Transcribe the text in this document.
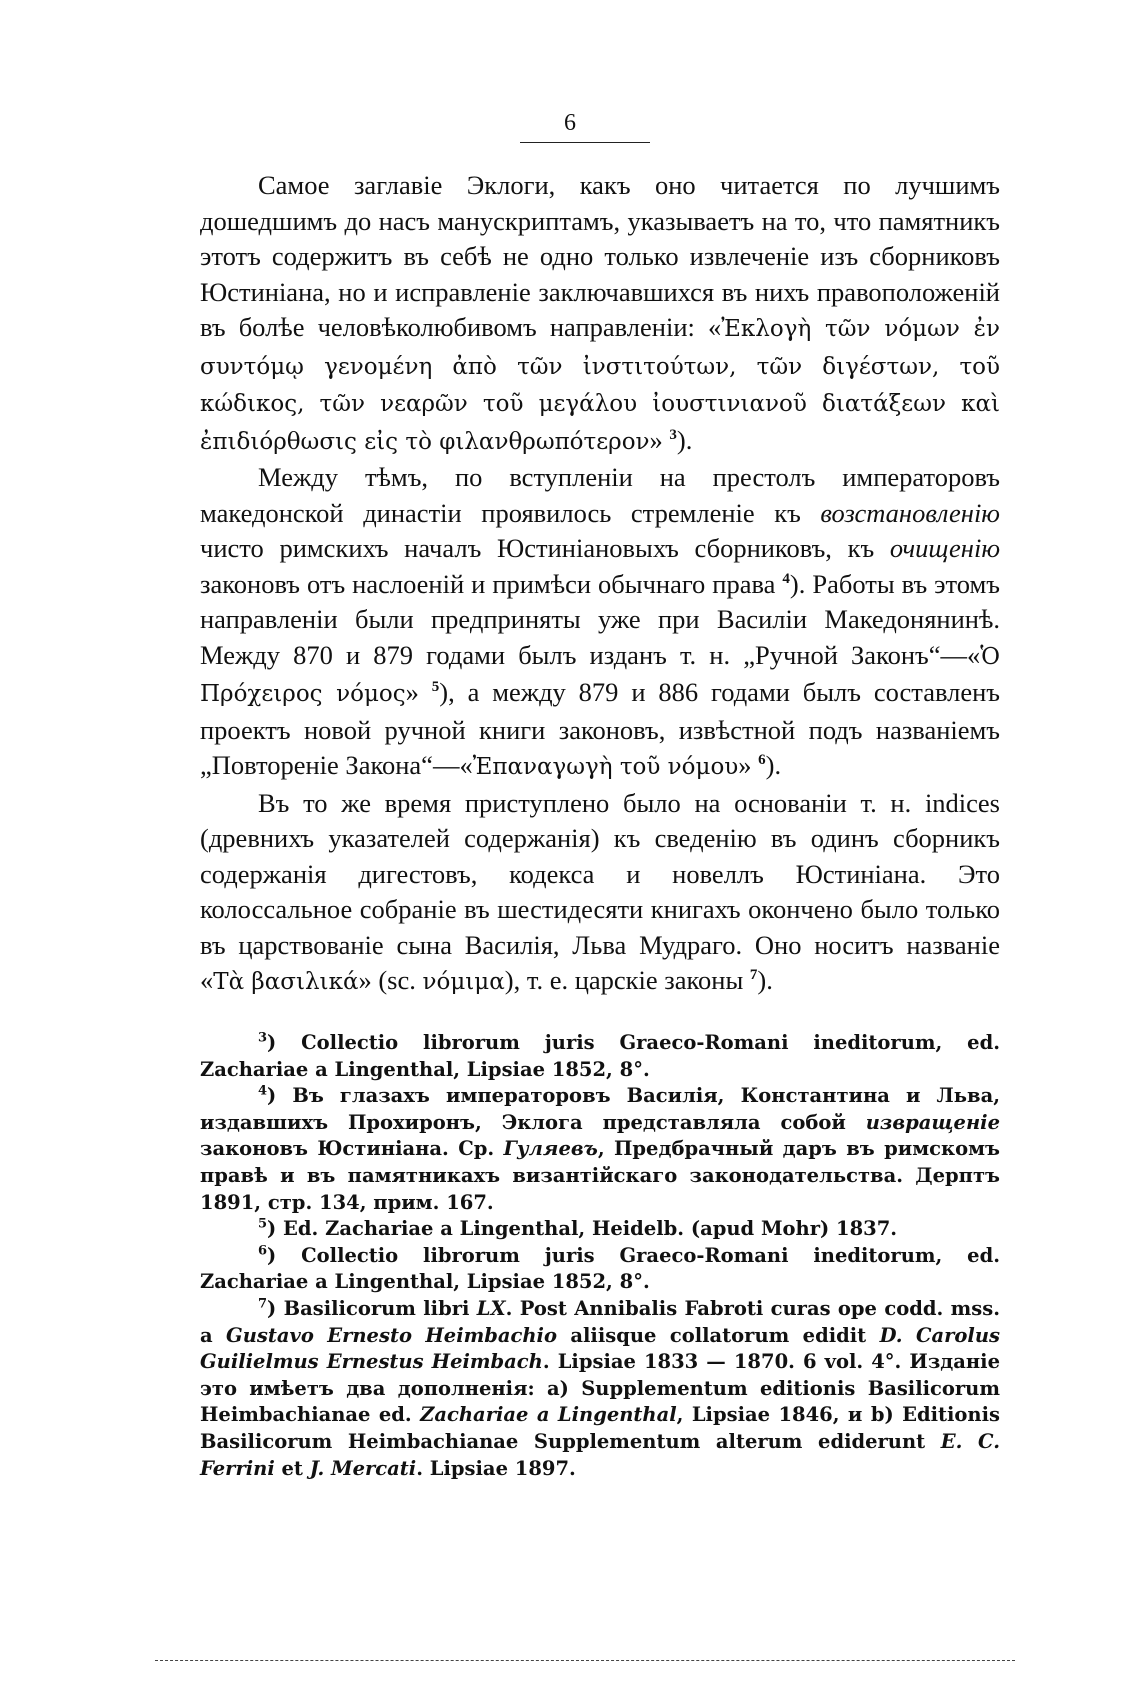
6

Самое заглавіе Эклоги, какъ оно читается по лучшимъ дошедшимъ до насъ манускриптамъ, указываетъ на то, что памятникъ этотъ содержитъ въ себѣ не одно только извлеченіе изъ сборниковъ Юстиніана, но и исправленіе заключавшихся въ нихъ правоположеній въ болѣе человѣколюбивомъ направленіи: «Ἐκλογὴ τῶν νόμων ἐν συντόμῳ γενομένη ἀπὸ τῶν ἰνστιτούτων, τῶν διγέστων, τοῦ κώδικος, τῶν νεαρῶν τοῦ μεγάλου ἰουστινιανοῦ διατάξεων καὶ ἐπιδιόρθωσις εἰς τὸ φιλανθρωπότερον» $^3$).

Между тѣмъ, по вступленіи на престолъ императоровъ македонской династіи проявилось стремленіе къ возстановленію чисто римскихъ началъ Юстиніановыхъ сборниковъ, къ очищенію законовъ отъ наслоеній и примѣси обычнаго права $^4$). Работы въ этомъ направленіи были предприняты уже при Василіи Македонянинѣ. Между 870 и 879 годами былъ изданъ т. н. „Ручной Законъ“—«Ὁ Πρόχειρος νόμος» $^5$), а между 879 и 886 годами былъ составленъ проектъ новой ручной книги законовъ, извѣстной подъ названіемъ „Повтореніе Закона“—«Ἐπαναγωγὴ τοῦ νόμου» $^6$).

Въ то же время приступлено было на основаніи т. н. indices (древнихъ указателей содержанія) къ сведенію въ одинъ сборникъ содержанія дигестовъ, кодекса и новеллъ Юстиніана. Это колоссальное собраніе въ шестидесяти книгахъ окончено было только въ царствованіе сына Василія, Льва Мудраго. Оно носитъ названіе «Τὰ βασιλικά» (sc. νόμιμα), т. е. царскіе законы $^7$).

$^3$) Collectio librorum juris Graeco-Romani ineditorum, ed. Zachariae a Lingenthal, Lipsiae 1852, 8°.

$^4$) Въ глазахъ императоровъ Василія, Константина и Льва, издавшихъ Прохиронъ, Эклога представляла собой извращеніе законовъ Юстиніана. Ср. Гуляевъ, Предбрачный даръ въ римскомъ правѣ и въ памятникахъ византійскаго законодательства. Дерптъ 1891, стр. 134, прим. 167.

$^5$) Ed. Zachariae a Lingenthal, Heidelb. (apud Mohr) 1837.

$^6$) Collectio librorum juris Graeco-Romani ineditorum, ed. Zachariae a Lingenthal, Lipsiae 1852, 8°.

$^7$) Basilicorum libri LX. Post Annibalis Fabroti curas ope codd. mss. a Gustavo Ernesto Heimbachio aliisque collatorum edidit D. Carolus Guilielmus Ernestus Heimbach. Lipsiae 1833 — 1870. 6 vol. 4°. Изданіе это имѣетъ два дополненія: a) Supplementum editionis Basilicorum Heimbachianae ed. Zachariae a Lingenthal, Lipsiae 1846, и b) Editionis Basilicorum Heimbachianae Supplementum alterum ediderunt E. C. Ferrini et J. Mercati. Lipsiae 1897.
